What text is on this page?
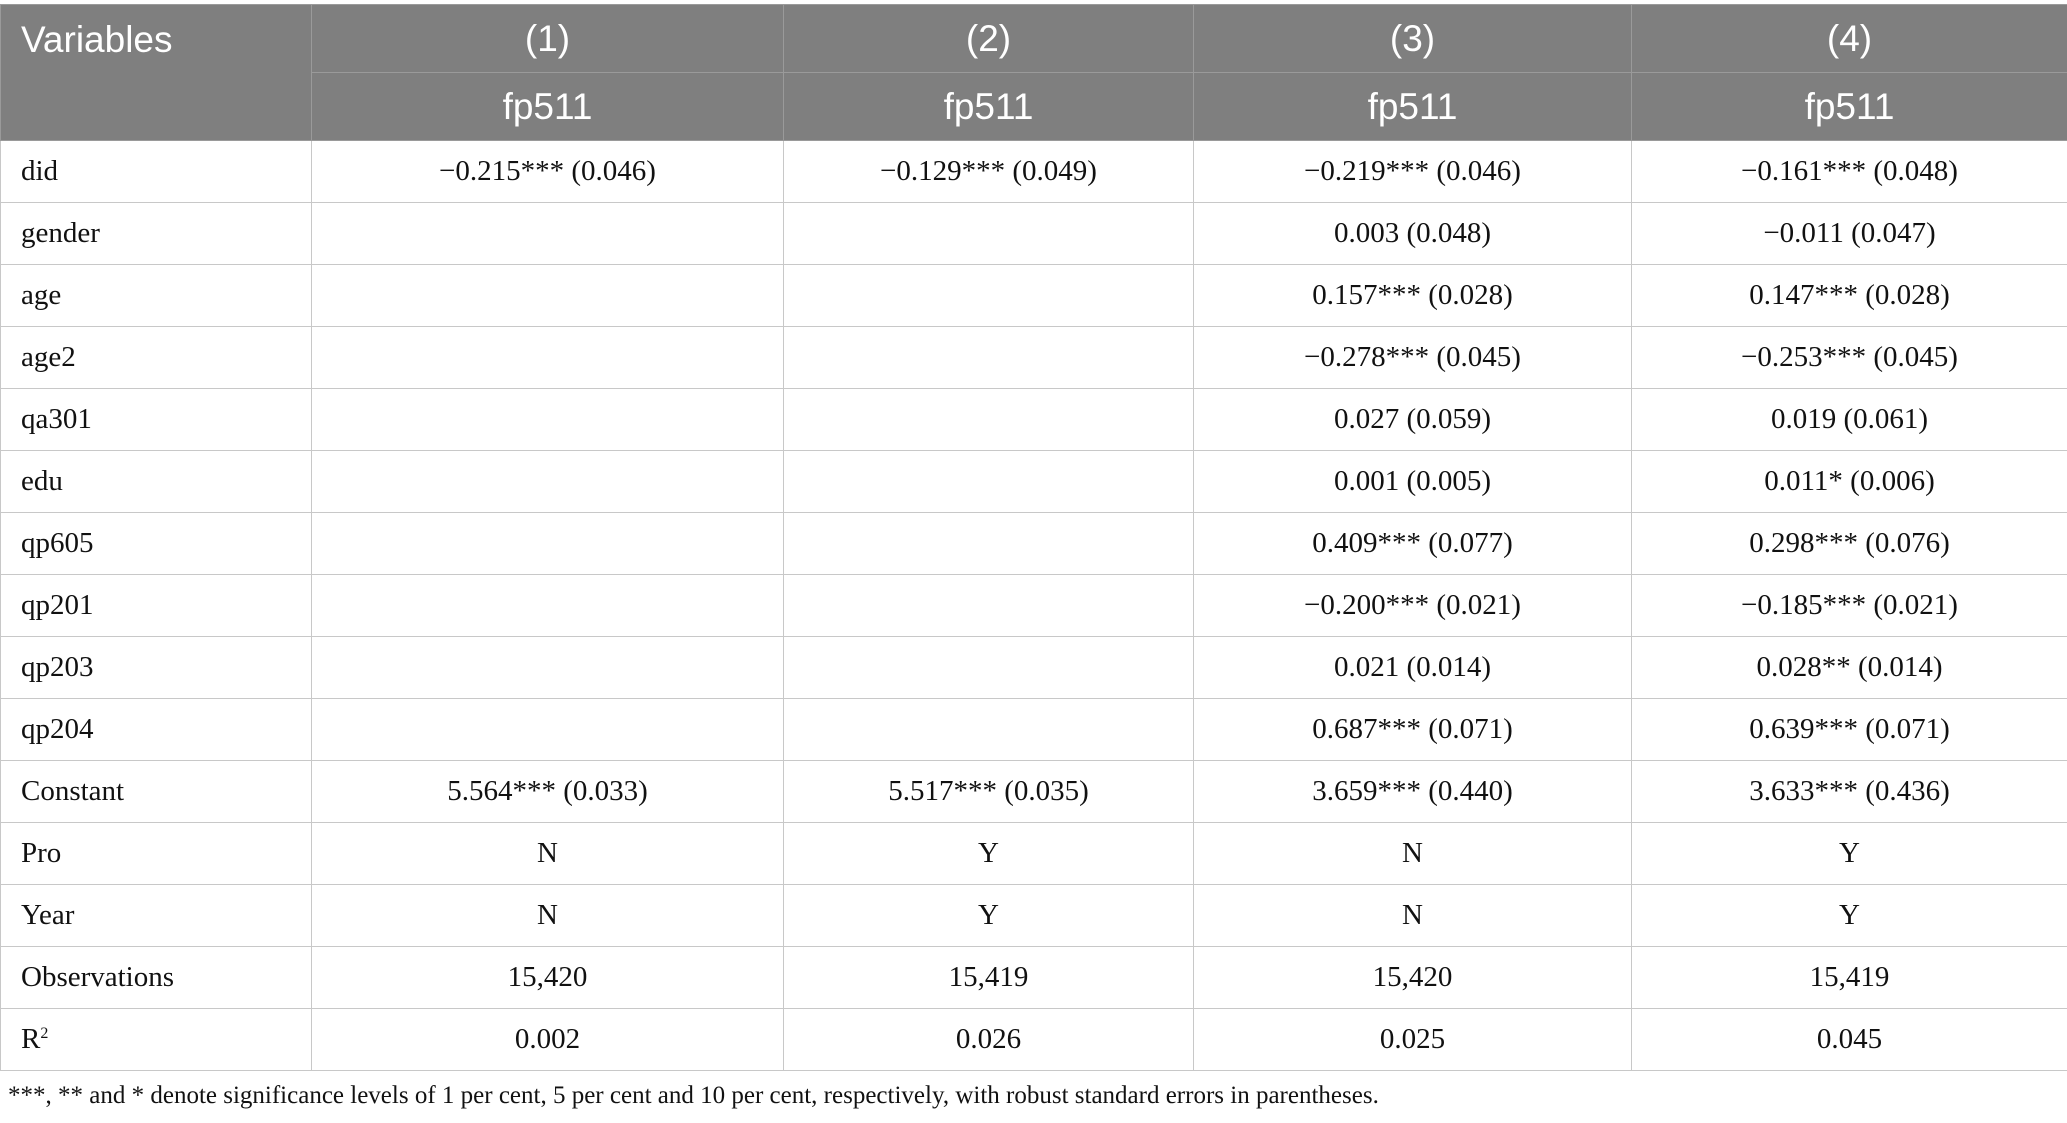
Variables	(1)	(2)	(3)	(4)
	fp511	fp511	fp511	fp511
did	−0.215*** (0.046)	−0.129*** (0.049)	−0.219*** (0.046)	−0.161*** (0.048)
gender			0.003 (0.048)	−0.011 (0.047)
age			0.157*** (0.028)	0.147*** (0.028)
age2			−0.278*** (0.045)	−0.253*** (0.045)
qa301			0.027 (0.059)	0.019 (0.061)
edu			0.001 (0.005)	0.011* (0.006)
qp605			0.409*** (0.077)	0.298*** (0.076)
qp201			−0.200*** (0.021)	−0.185*** (0.021)
qp203			0.021 (0.014)	0.028** (0.014)
qp204			0.687*** (0.071)	0.639*** (0.071)
Constant	5.564*** (0.033)	5.517*** (0.035)	3.659*** (0.440)	3.633*** (0.436)
Pro	N	Y	N	Y
Year	N	Y	N	Y
Observations	15,420	15,419	15,420	15,419
$R^2$	0.002	0.026	0.025	0.045
***, ** and * denote significance levels of 1 per cent, 5 per cent and 10 per cent, respectively, with robust standard errors in parentheses.
